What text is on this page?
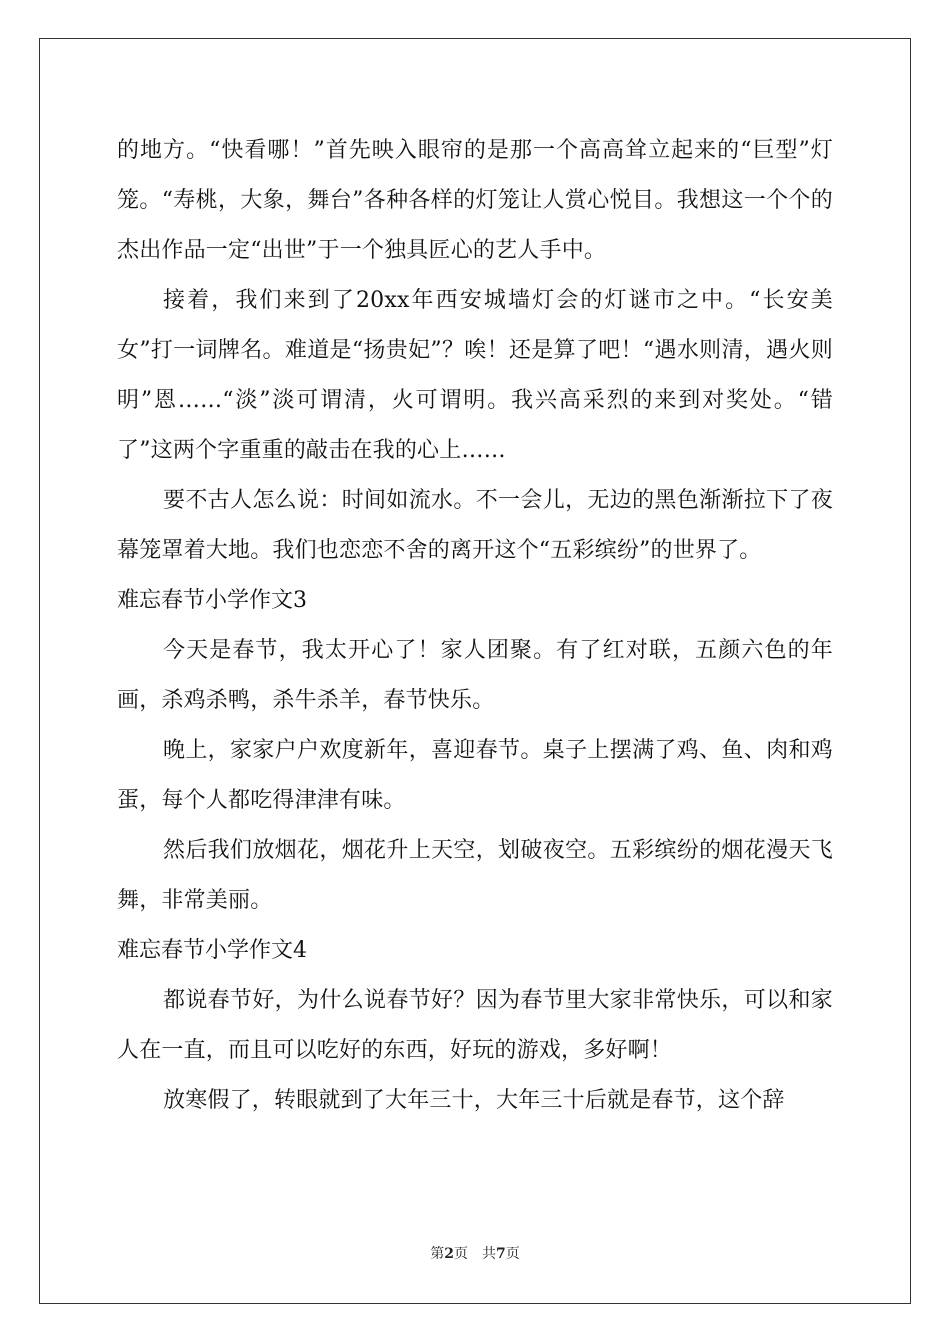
的地方。“快看哪！”首先映入眼帘的是那一个高高耸立起来的“巨型”灯笼。“寿桃，大象，舞台”各种各样的灯笼让人赏心悦目。我想这一个个的杰出作品一定“出世”于一个独具匠心的艺人手中。

接着，我们来到了20xx年西安城墙灯会的灯谜市之中。“长安美女”打一词牌名。难道是“扬贵妃”？唉！还是算了吧！“遇水则清，遇火则明”恩……“淡”淡可谓清，火可谓明。我兴高采烈的来到对奖处。“错了”这两个字重重的敲击在我的心上……

要不古人怎么说：时间如流水。不一会儿，无边的黑色渐渐拉下了夜幕笼罩着大地。我们也恋恋不舍的离开这个“五彩缤纷”的世界了。

难忘春节小学作文3

今天是春节，我太开心了！家人团聚。有了红对联，五颜六色的年画，杀鸡杀鸭，杀牛杀羊，春节快乐。

晚上，家家户户欢度新年，喜迎春节。桌子上摆满了鸡、鱼、肉和鸡蛋，每个人都吃得津津有味。

然后我们放烟花，烟花升上天空，划破夜空。五彩缤纷的烟花漫天飞舞，非常美丽。

难忘春节小学作文4

都说春节好，为什么说春节好？因为春节里大家非常快乐，可以和家人在一直，而且可以吃好的东西，好玩的游戏，多好啊！

放寒假了，转眼就到了大年三十，大年三十后就是春节，这个辞

第2页 共7页
